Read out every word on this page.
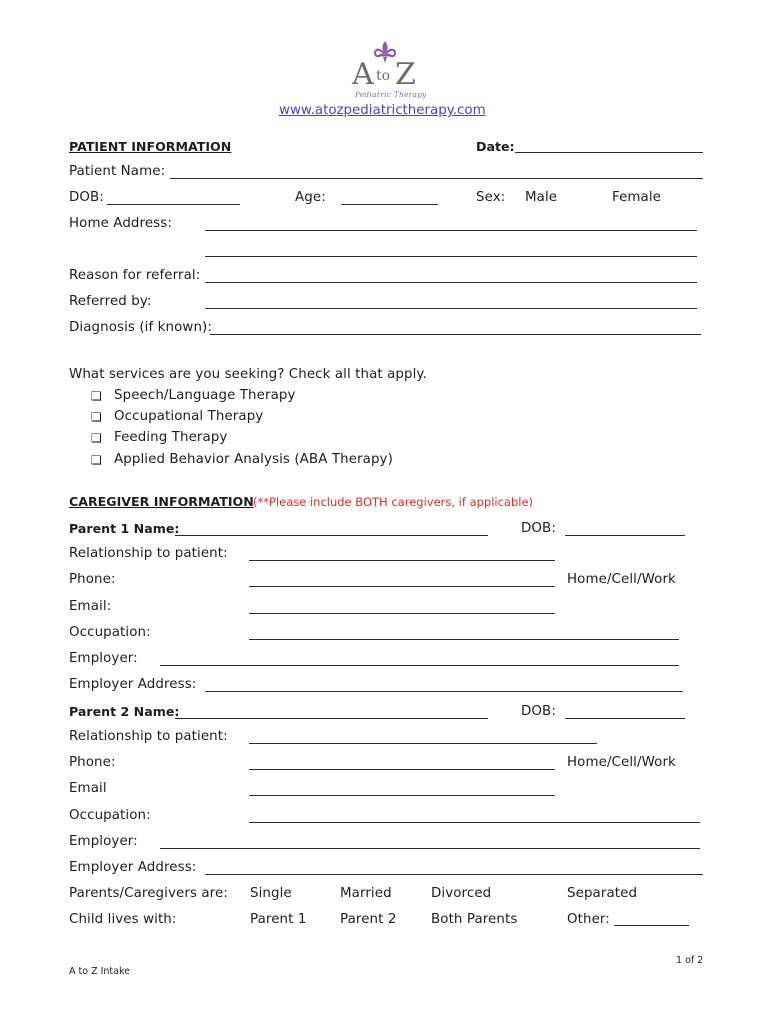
A to Z
Pediatric Therapy
www.atozpediatrictherapy.com
PATIENT INFORMATION	Date:
Patient Name:
DOB:	Age:	Sex: Male	Female
Home Address:
Reason for referral:
Referred by:
Diagnosis (if known):
What services are you seeking? Check all that apply.
❏ Speech/Language Therapy
❏ Occupational Therapy
❏ Feeding Therapy
❏ Applied Behavior Analysis (ABA Therapy)
CAREGIVER INFORMATION (**Please include BOTH caregivers, if applicable)
Parent 1 Name:	DOB:
Relationship to patient:
Phone:	Home/Cell/Work
Email:
Occupation:
Employer:
Employer Address:
Parent 2 Name:	DOB:
Relationship to patient:
Phone:	Home/Cell/Work
Email
Occupation:
Employer:
Employer Address:
Parents/Caregivers are: Single	Married	Divorced	Separated
Child lives with:	Parent 1	Parent 2	Both Parents	Other: ___________
1 of 2
A to Z Intake
